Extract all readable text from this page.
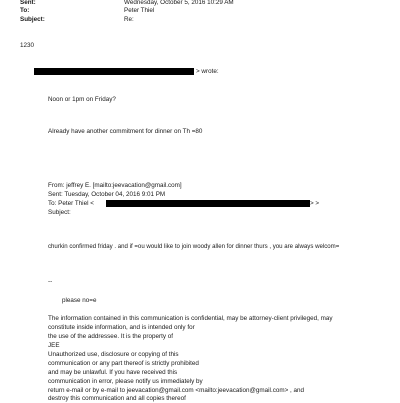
Sent:	Wednesday, October 5, 2016 10:29 AM
To:	Peter Thiel
Subject:	Re:
1230
> wrote:
Noon or 1pm on Friday?
Already have another commitment for dinner on Th =80
From: jeffrey E. [mailto:jeevacation@gmail.com]
Sent: Tuesday, October 04, 2016 9:01 PM
To: Peter Thiel <	> >
Subject:
churkin confirmed friday . and if =ou would like to join woody allen for dinner thurs , you are always welcom=
--
please no=e
The information contained in this communication is confidential, may be attorney-client privileged, may
constitute inside information, and is intended only for
the use of the addressee. It is the property of
JEE
Unauthorized use, disclosure or copying of this
communication or any part thereof is strictly prohibited
and may be unlawful. If you have received this
communication in error, please notify us immediately by
return e-mail or by e-mail to jeevacation@gmail.com <mailto:jeevacation@gmail.com> , and
destroy this communication and all copies thereof
